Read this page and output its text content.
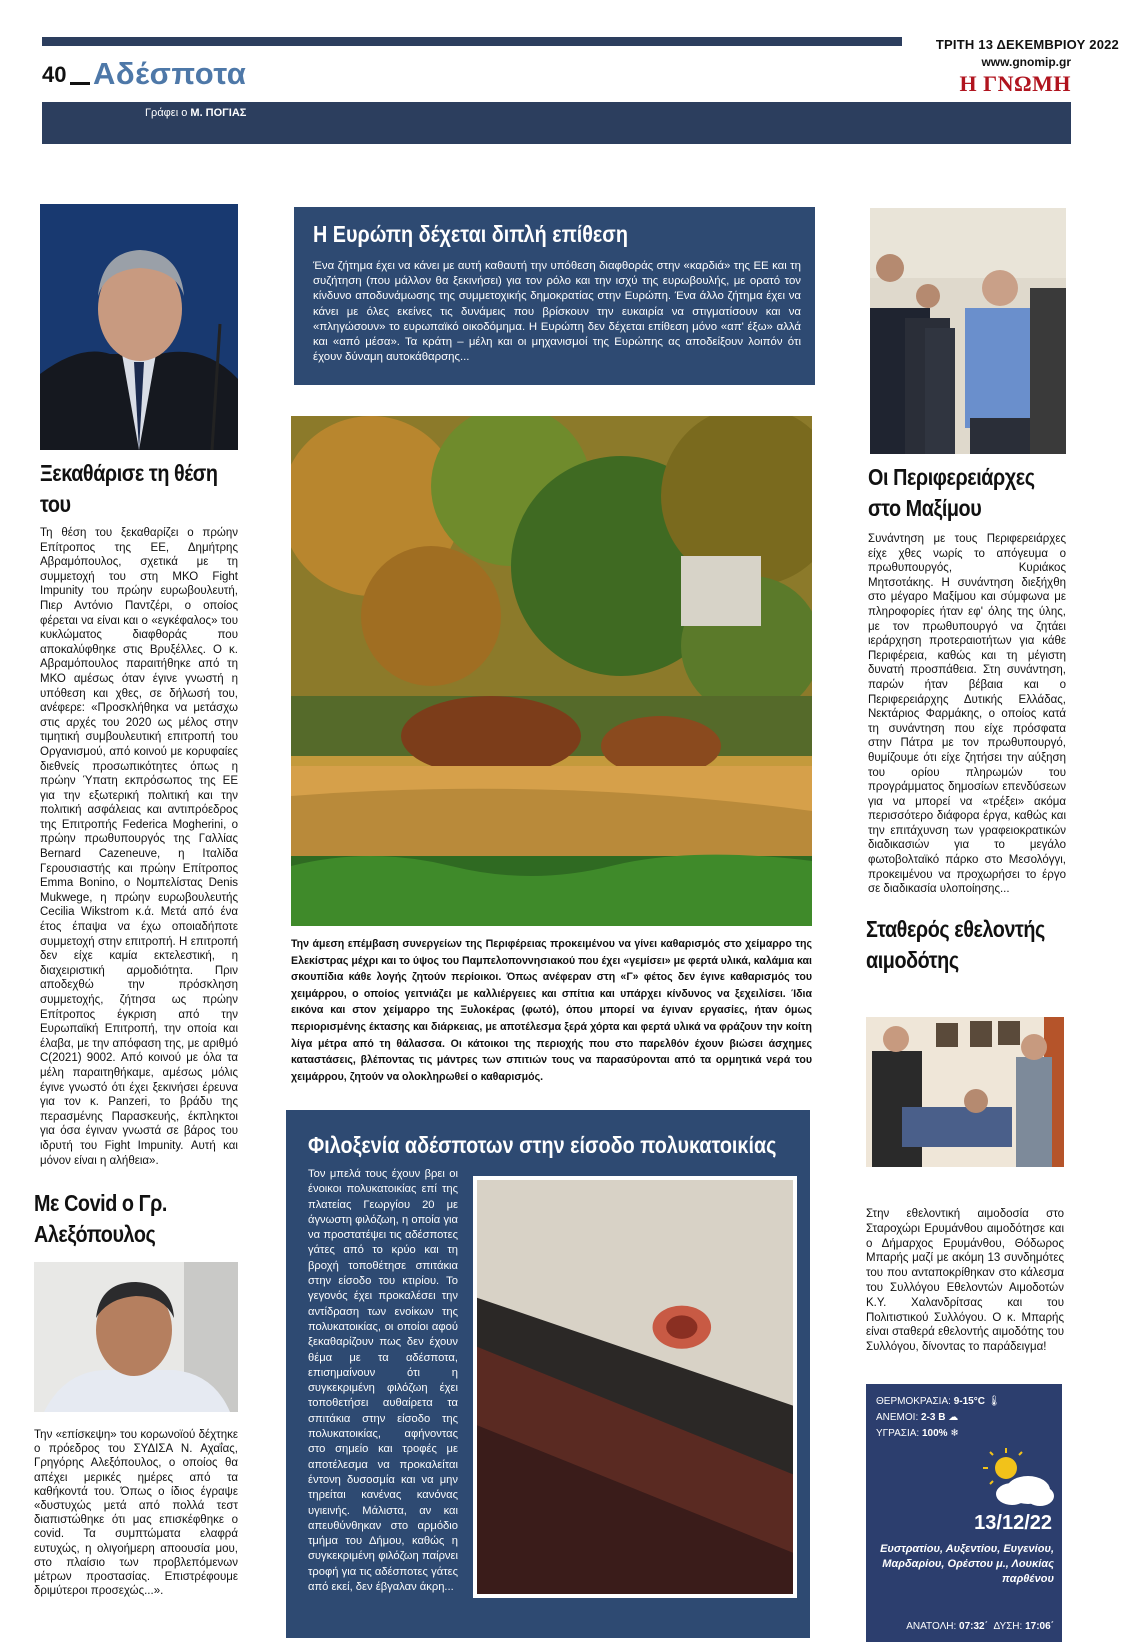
ΤΡΙΤΗ 13 ΔΕΚΕΜΒΡΙΟΥ 2022
www.gnomip.gr
Η ΓΝΩΜΗ
40 Αδέσποτα
Γράφει ο Μ. ΠΟΓΙΑΣ
Ξεκαθάρισε τη θέση του
Τη θέση του ξεκαθαρίζει ο πρώην Επίτροπος της ΕΕ, Δημήτρης Αβραμόπουλος, σχετικά με τη συμμετοχή του στη ΜΚΟ Fight Impunity του πρώην ευρωβουλευτή, Πιερ Αντόνιο Παντζέρι, ο οποίος φέρεται να είναι και ο «εγκέφαλος» του κυκλώματος διαφθοράς που αποκαλύφθηκε στις Βρυξέλλες. Ο κ. Αβραμόπουλος παραιτήθηκε από τη ΜΚΟ αμέσως όταν έγινε γνωστή η υπόθεση και χθες, σε δήλωσή του, ανέφερε: «Προσκλήθηκα να μετάσχω στις αρχές του 2020 ως μέλος στην τιμητική συμβουλευτική επιτροπή του Οργανισμού, από κοινού με κορυφαίες διεθνείς προσωπικότητες όπως η πρώην Ύπατη εκπρόσωπος της ΕΕ για την εξωτερική πολιτική και την πολιτική ασφάλειας και αντιπρόεδρος της Επιτροπής Federica Mogherini, ο πρώην πρωθυπουργός της Γαλλίας Bernard Cazeneuve, η Ιταλίδα Γερουσιαστής και πρώην Επίτροπος Emma Bonino, ο Νομπελίστας Denis Mukwege, η πρώην ευρωβουλευτής Cecilia Wikstrom κ.ά. Μετά από ένα έτος έπαψα να έχω οποιαδήποτε συμμετοχή στην επιτροπή. Η επιτροπή δεν είχε καμία εκτελεστική, η διαχειριστική αρμοδιότητα. Πριν αποδεχθώ την πρόσκληση συμμετοχής, ζήτησα ως πρώην Επίτροπος έγκριση από την Ευρωπαϊκή Επιτροπή, την οποία και έλαβα, με την απόφαση της, με αριθμό C(2021) 9002. Από κοινού με όλα τα μέλη παραιτηθήκαμε, αμέσως μόλις έγινε γνωστό ότι έχει ξεκινήσει έρευνα για τον κ. Panzeri, το βράδυ της περασμένης Παρασκευής, έκπληκτοι για όσα έγιναν γνωστά σε βάρος του ιδρυτή του Fight Impunity. Αυτή και μόνον είναι η αλήθεια».
Με Covid ο Γρ. Αλεξόπουλος
Την «επίσκεψη» του κορωνοϊού δέχτηκε ο πρόεδρος του ΣΥΔΙΣΑ Ν. Αχαΐας, Γρηγόρης Αλεξόπουλος, ο οποίος θα απέχει μερικές ημέρες από τα καθήκοντά του. Όπως ο ίδιος έγραψε «δυστυχώς μετά από πολλά τεστ διαπιστώθηκε ότι μας επισκέφθηκε ο covid. Τα συμπτώματα ελαφρά ευτυχώς, η ολιγοήμερη αποουσία μου, στο πλαίσιο των προβλεπόμενων μέτρων προστασίας. Επιστρέφουμε δριμύτεροι προσεχώς...».
Η Ευρώπη δέχεται διπλή επίθεση
Ένα ζήτημα έχει να κάνει με αυτή καθαυτή την υπόθεση διαφθοράς στην «καρδιά» της ΕΕ και τη συζήτηση (που μάλλον θα ξεκινήσει) για τον ρόλο και την ισχύ της ευρωβουλής, με ορατό τον κίνδυνο αποδυνάμωσης της συμμετοχικής δημοκρατίας στην Ευρώπη. Ένα άλλο ζήτημα έχει να κάνει με όλες εκείνες τις δυνάμεις που βρίσκουν την ευκαιρία να στιγματίσουν και να «πληγώσουν» το ευρωπαϊκό οικοδόμημα. Η Ευρώπη δεν δέχεται επίθεση μόνο «απ' έξω» αλλά και «από μέσα». Τα κράτη – μέλη και οι μηχανισμοί της Ευρώπης ας αποδείξουν λοιπόν ότι έχουν δύναμη αυτοκάθαρσης...
Την άμεση επέμβαση συνεργείων της Περιφέρειας προκειμένου να γίνει καθαρισμός στο χείμαρρο της Ελεκίστρας μέχρι και το ύψος του Παμπελοποννησιακού που έχει «γεμίσει» με φερτά υλικά, καλάμια και σκουπίδια κάθε λογής ζητούν περίοικοι. Όπως ανέφεραν στη «Γ» φέτος δεν έγινε καθαρισμός του χειμάρρου, ο οποίος γειτνιάζει με καλλιέργειες και σπίτια και υπάρχει κίνδυνος να ξεχειλίσει. Ίδια εικόνα και στον χείμαρρο της Ξυλοκέρας (φωτό), όπου μπορεί να έγιναν εργασίες, ήταν όμως περιορισμένης έκτασης και διάρκειας, με αποτέλεσμα ξερά χόρτα και φερτά υλικά να φράζουν την κοίτη λίγα μέτρα από τη θάλασσα. Οι κάτοικοι της περιοχής που στο παρελθόν έχουν βιώσει άσχημες καταστάσεις, βλέποντας τις μάντρες των σπιτιών τους να παρασύρονται από τα ορμητικά νερά του χειμάρρου, ζητούν να ολοκληρωθεί ο καθαρισμός.
Φιλοξενία αδέσποτων στην είσοδο πολυκατοικίας
Τον μπελά τους έχουν βρει οι ένοικοι πολυκατοικίας επί της πλατείας Γεωργίου 20 με άγνωστη φιλόζωη, η οποία για να προστατέψει τις αδέσποτες γάτες από το κρύο και τη βροχή τοποθέτησε σπιτάκια στην είσοδο του κτιρίου. Το γεγονός έχει προκαλέσει την αντίδραση των ενοίκων της πολυκατοικίας, οι οποίοι αφού ξεκαθαρίζουν πως δεν έχουν θέμα με τα αδέσποτα, επισημαίνουν ότι η συγκεκριμένη φιλόζωη έχει τοποθετήσει αυθαίρετα τα σπιτάκια στην είσοδο της πολυκατοικίας, αφήνοντας στο σημείο και τροφές με αποτέλεσμα να προκαλείται έντονη δυσοσμία και να μην τηρείται κανένας κανόνας υγιεινής. Μάλιστα, αν και απευθύνθηκαν στο αρμόδιο τμήμα του Δήμου, καθώς η συγκεκριμένη φιλόζωη παίρνει τροφή για τις αδέσποτες γάτες από εκεί, δεν έβγαλαν άκρη...
Οι Περιφερειάρχες στο Μαξίμου
Συνάντηση με τους Περιφερειάρχες είχε χθες νωρίς το απόγευμα ο πρωθυπουργός, Κυριάκος Μητσοτάκης. Η συνάντηση διεξήχθη στο μέγαρο Μαξίμου και σύμφωνα με πληροφορίες ήταν εφ' όλης της ύλης, με τον πρωθυπουργό να ζητάει ιεράρχηση προτεραιοτήτων για κάθε Περιφέρεια, καθώς και τη μέγιστη δυνατή προσπάθεια. Στη συνάντηση, παρών ήταν βέβαια και ο Περιφερειάρχης Δυτικής Ελλάδας, Νεκτάριος Φαρμάκης, ο οποίος κατά τη συνάντηση που είχε πρόσφατα στην Πάτρα με τον πρωθυπουργό, θυμίζουμε ότι είχε ζητήσει την αύξηση του ορίου πληρωμών του προγράμματος δημοσίων επενδύσεων για να μπορεί να «τρέξει» ακόμα περισσότερο διάφορα έργα, καθώς και την επιτάχυνση των γραφειοκρατικών διαδικασιών για το μεγάλο φωτοβολταϊκό πάρκο στο Μεσολόγγι, προκειμένου να προχωρήσει το έργο σε διαδικασία υλοποίησης...
Σταθερός εθελοντής αιμοδότης
Στην εθελοντική αιμοδοσία στο Σταροχώρι Ερυμάνθου αιμοδότησε και ο Δήμαρχος Ερυμάνθου, Θόδωρος Μπαρής μαζί με ακόμη 13 συνδημότες του που ανταποκρίθηκαν στο κάλεσμα του Συλλόγου Εθελοντών Αιμοδοτών Κ.Υ. Χαλανδρίτσας και του Πολιτιστικού Συλλόγου. Ο κ. Μπαρής είναι σταθερά εθελοντής αιμοδότης του Συλλόγου, δίνοντας το παράδειγμα!
ΘΕΡΜΟΚΡΑΣΙΑ: 9-15°C 🌡
ΑΝΕΜΟΙ: 2-3 Β ☁
ΥΓΡΑΣΙΑ: 100% ❄
13/12/22
Ευστρατίου, Αυξεντίου, Ευγενίου, Μαρδαρίου, Ορέστου μ., Λουκίας παρθένου
ΑΝΑΤΟΛΗ: 07:32΄ ΔΥΣΗ: 17:06΄
